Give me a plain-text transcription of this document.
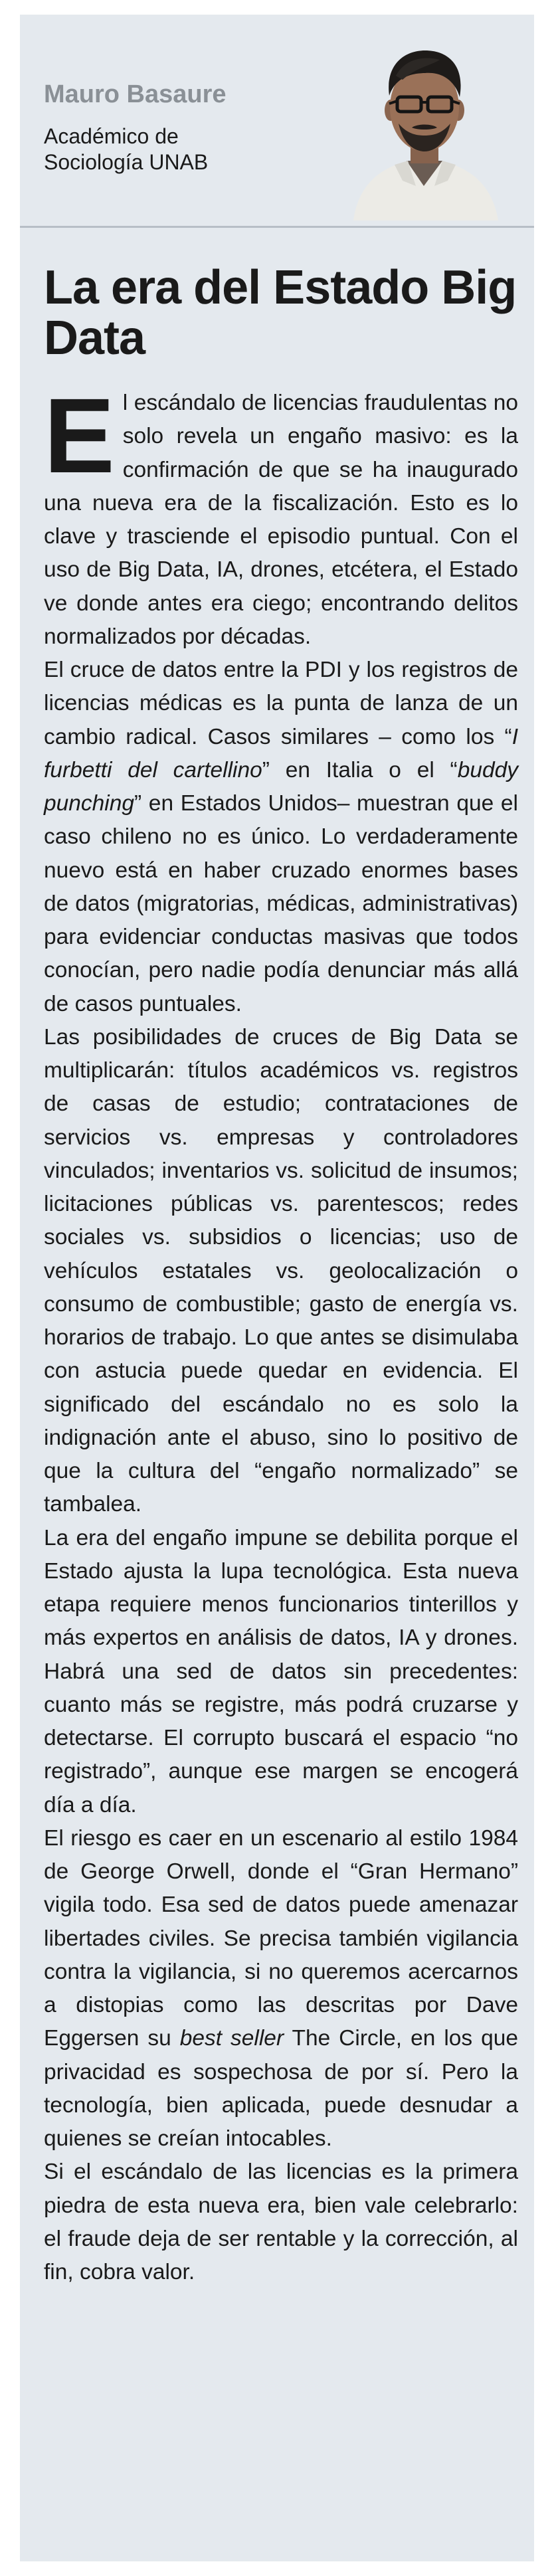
Mauro Basaure

Académico de
Sociología UNAB

La era del Estado Big Data

El escándalo de licencias fraudulentas no solo revela un engaño masivo: es la confirmación de que se ha inaugurado una nueva era de la fiscalización. Esto es lo clave y trasciende el episodio puntual. Con el uso de Big Data, IA, drones, etcétera, el Estado ve donde antes era ciego; encontrando delitos normalizados por décadas.

El cruce de datos entre la PDI y los registros de licencias médicas es la punta de lanza de un cambio radical. Casos similares – como los “I furbetti del cartellino” en Italia o el “buddy punching” en Estados Unidos– muestran que el caso chileno no es único. Lo verdaderamente nuevo está en haber cruzado enormes bases de datos (migratorias, médicas, administrativas) para evidenciar conductas masivas que todos conocían, pero nadie podía denunciar más allá de casos puntuales.

Las posibilidades de cruces de Big Data se multiplicarán: títulos académicos vs. registros de casas de estudio; contrataciones de servicios vs. empresas y controladores vinculados; inventarios vs. solicitud de insumos; licitaciones públicas vs. parentescos; redes sociales vs. subsidios o licencias; uso de vehículos estatales vs. geolocalización o consumo de combustible; gasto de energía vs. horarios de trabajo. Lo que antes se disimulaba con astucia puede quedar en evidencia. El significado del escándalo no es solo la indignación ante el abuso, sino lo positivo de que la cultura del “engaño normalizado” se tambalea.

La era del engaño impune se debilita porque el Estado ajusta la lupa tecnológica. Esta nueva etapa requiere menos funcionarios tinterillos y más expertos en análisis de datos, IA y drones. Habrá una sed de datos sin precedentes: cuanto más se registre, más podrá cruzarse y detectarse. El corrupto buscará el espacio “no registrado”, aunque ese margen se encogerá día a día.

El riesgo es caer en un escenario al estilo 1984 de George Orwell, donde el “Gran Hermano” vigila todo. Esa sed de datos puede amenazar libertades civiles. Se precisa también vigilancia contra la vigilancia, si no queremos acercarnos a distopias como las descritas por Dave Eggersen su best seller The Circle, en los que privacidad es sospechosa de por sí. Pero la tecnología, bien aplicada, puede desnudar a quienes se creían intocables.

Si el escándalo de las licencias es la primera piedra de esta nueva era, bien vale celebrarlo: el fraude deja de ser rentable y la corrección, al fin, cobra valor.
